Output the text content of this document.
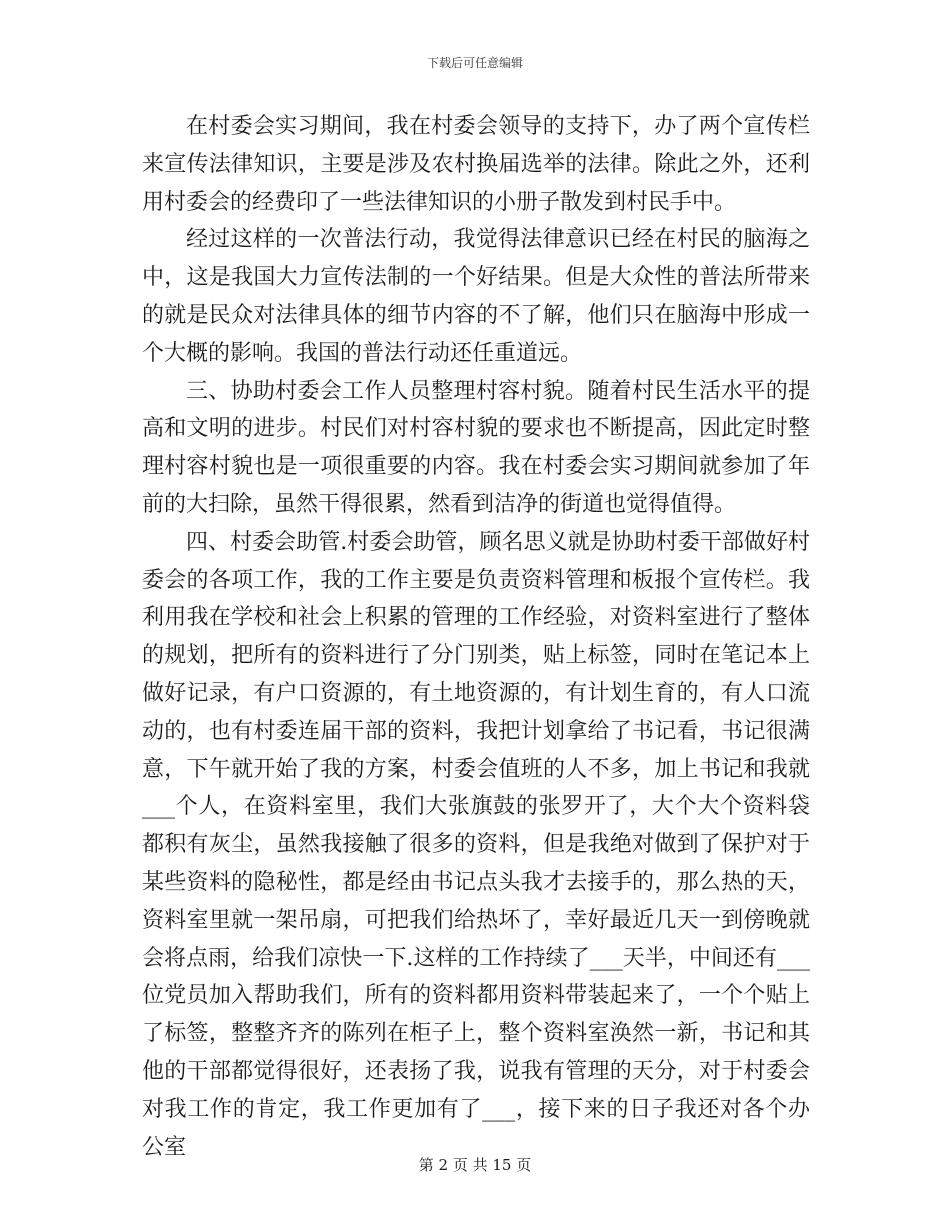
下载后可任意编辑

在村委会实习期间，我在村委会领导的支持下，办了两个宣传栏来宣传法律知识，主要是涉及农村换届选举的法律。除此之外，还利用村委会的经费印了一些法律知识的小册子散发到村民手中。

经过这样的一次普法行动，我觉得法律意识已经在村民的脑海之中，这是我国大力宣传法制的一个好结果。但是大众性的普法所带来的就是民众对法律具体的细节内容的不了解，他们只在脑海中形成一个大概的影响。我国的普法行动还任重道远。

三、协助村委会工作人员整理村容村貌。随着村民生活水平的提高和文明的进步。村民们对村容村貌的要求也不断提高，因此定时整理村容村貌也是一项很重要的内容。我在村委会实习期间就参加了年前的大扫除，虽然干得很累，然看到洁净的街道也觉得值得。

四、村委会助管.村委会助管，顾名思义就是协助村委干部做好村委会的各项工作，我的工作主要是负责资料管理和板报个宣传栏。我利用我在学校和社会上积累的管理的工作经验，对资料室进行了整体的规划，把所有的资料进行了分门别类，贴上标签，同时在笔记本上做好记录，有户口资源的，有土地资源的，有计划生育的，有人口流动的，也有村委连届干部的资料，我把计划拿给了书记看，书记很满意，下午就开始了我的方案，村委会值班的人不多，加上书记和我就___个人，在资料室里，我们大张旗鼓的张罗开了，大个大个资料袋都积有灰尘，虽然我接触了很多的资料，但是我绝对做到了保护对于某些资料的隐秘性，都是经由书记点头我才去接手的，那么热的天，资料室里就一架吊扇，可把我们给热坏了，幸好最近几天一到傍晚就会将点雨，给我们凉快一下.这样的工作持续了___天半，中间还有___位党员加入帮助我们，所有的资料都用资料带装起来了，一个个贴上了标签，整整齐齐的陈列在柜子上，整个资料室涣然一新，书记和其他的干部都觉得很好，还表扬了我，说我有管理的天分，对于村委会对我工作的肯定，我工作更加有了___，接下来的日子我还对各个办公室

第 2 页 共 15 页
